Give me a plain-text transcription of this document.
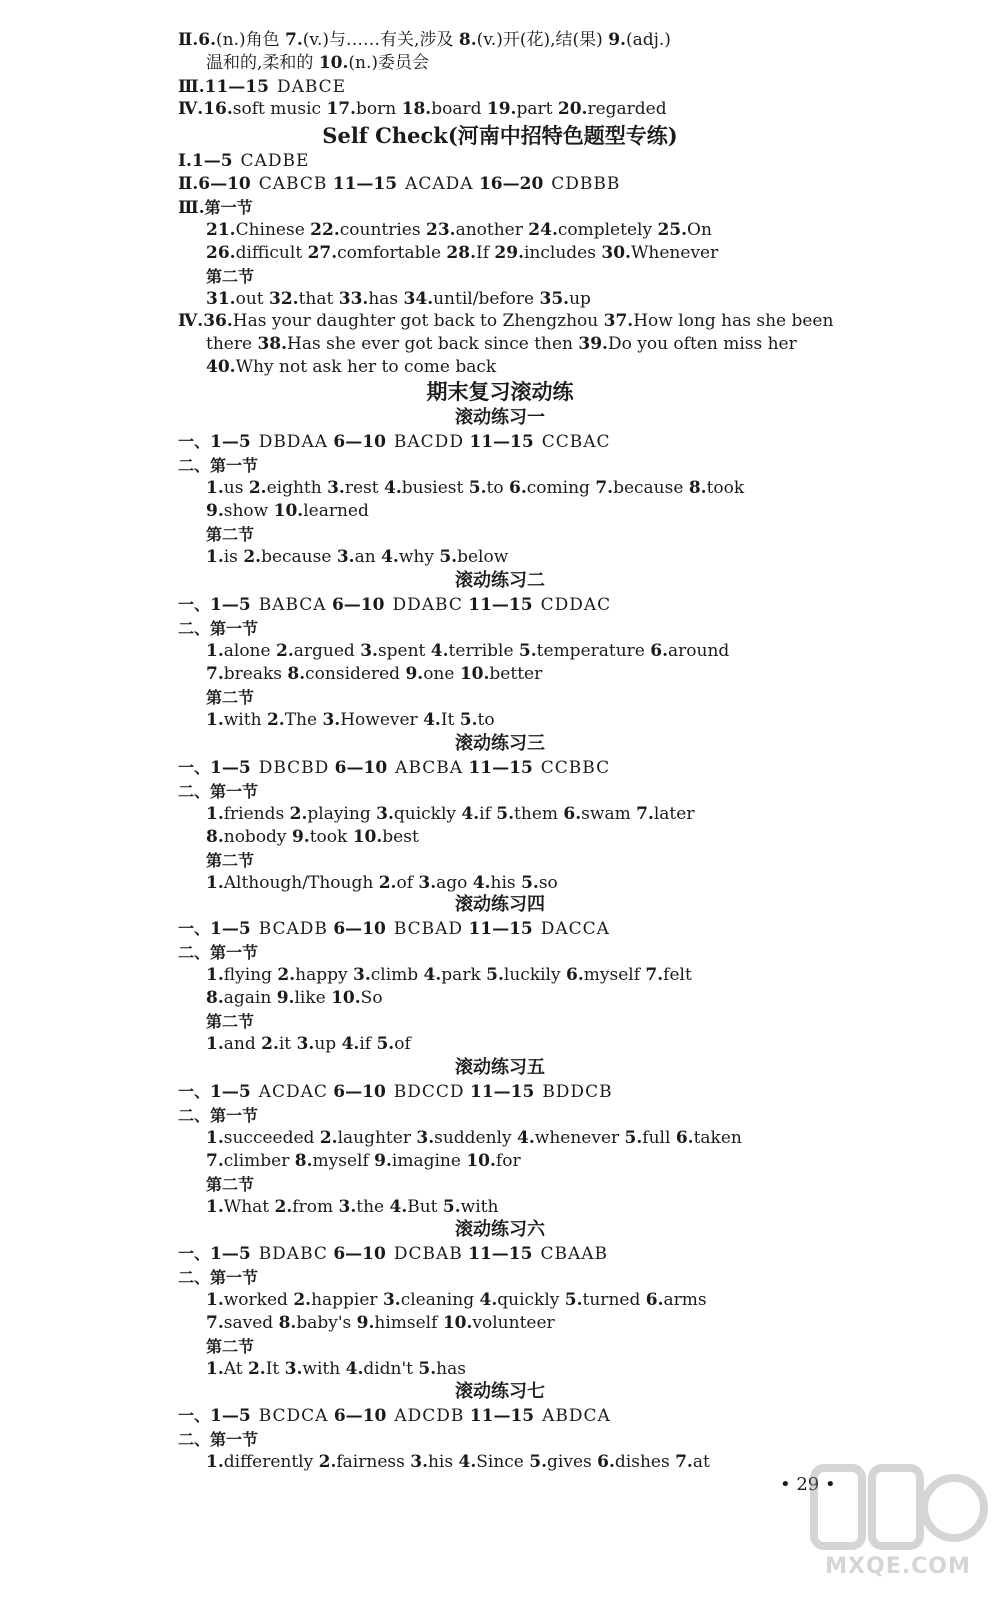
Ⅱ.6.(n.)角色 7.(v.)与……有关,涉及 8.(v.)开(花),结(果) 9.(adj.)
温和的,柔和的 10.(n.)委员会
Ⅲ.11—15 DABCE
Ⅳ.16.soft music 17.born 18.board 19.part 20.regarded
Ⅰ.1—5 CADBE
Ⅱ.6—10 CABCB 11—15 ACADA 16—20 CDBBB
Ⅲ.第一节
21.Chinese 22.countries 23.another 24.completely 25.On
26.difficult 27.comfortable 28.If 29.includes 30.Whenever
第二节
31.out 32.that 33.has 34.until/before 35.up
Ⅳ.36.Has your daughter got back to Zhengzhou 37.How long has she been
there 38.Has she ever got back since then 39.Do you often miss her
40.Why not ask her to come back
一、1—5 DBDAA 6—10 BACDD 11—15 CCBAC
二、第一节
1.us 2.eighth 3.rest 4.busiest 5.to 6.coming 7.because 8.took
9.show 10.learned
第二节
1.is 2.because 3.an 4.why 5.below
一、1—5 BABCA 6—10 DDABC 11—15 CDDAC
二、第一节
1.alone 2.argued 3.spent 4.terrible 5.temperature 6.around
7.breaks 8.considered 9.one 10.better
第二节
1.with 2.The 3.However 4.It 5.to
一、1—5 DBCBD 6—10 ABCBA 11—15 CCBBC
二、第一节
1.friends 2.playing 3.quickly 4.if 5.them 6.swam 7.later
8.nobody 9.took 10.best
第二节
1.Although/Though 2.of 3.ago 4.his 5.so
一、1—5 BCADB 6—10 BCBAD 11—15 DACCA
二、第一节
1.flying 2.happy 3.climb 4.park 5.luckily 6.myself 7.felt
8.again 9.like 10.So
第二节
1.and 2.it 3.up 4.if 5.of
一、1—5 ACDAC 6—10 BDCCD 11—15 BDDCB
二、第一节
1.succeeded 2.laughter 3.suddenly 4.whenever 5.full 6.taken
7.climber 8.myself 9.imagine 10.for
第二节
1.What 2.from 3.the 4.But 5.with
一、1—5 BDABC 6—10 DCBAB 11—15 CBAAB
二、第一节
1.worked 2.happier 3.cleaning 4.quickly 5.turned 6.arms
7.saved 8.baby's 9.himself 10.volunteer
第二节
1.At 2.It 3.with 4.didn't 5.has
一、1—5 BCDCA 6—10 ADCDB 11—15 ABDCA
二、第一节
1.differently 2.fairness 3.his 4.Since 5.gives 6.dishes 7.at
Self Check(河南中招特色题型专练)
期末复习滚动练
滚动练习一
滚动练习二
滚动练习三
滚动练习四
滚动练习五
滚动练习六
滚动练习七
• 29 •
MXQE.COM
